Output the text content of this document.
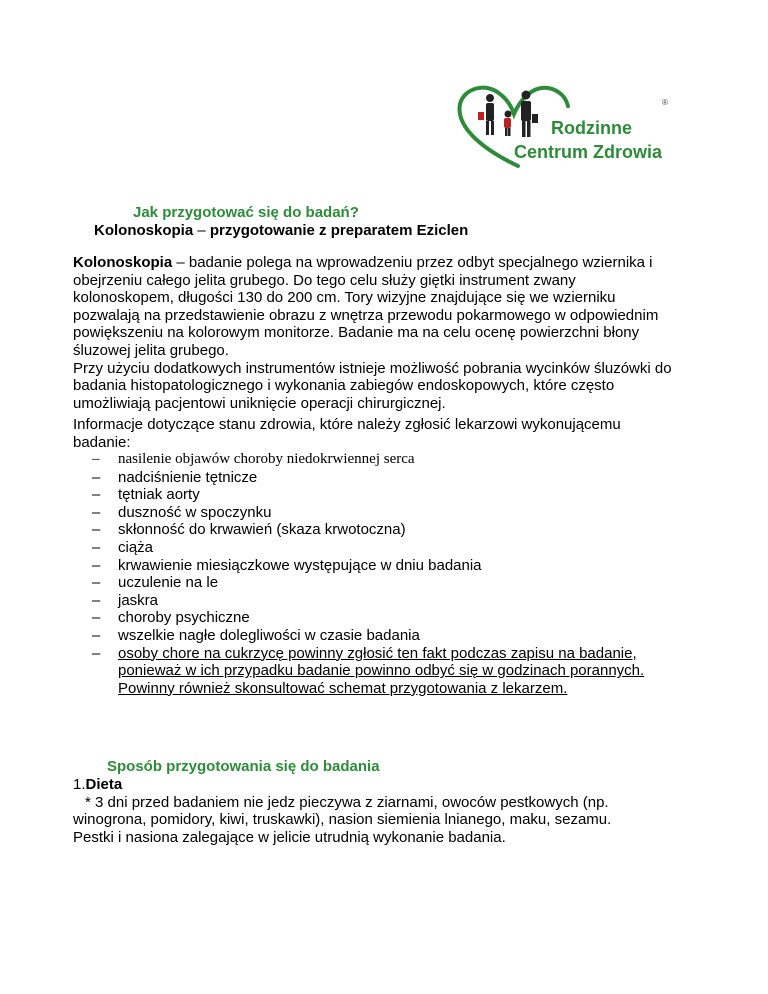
Rodzinne
Centrum Zdrowia
®
Jak przygotować się do badań?
Kolonoskopia – przygotowanie z preparatem Eziclen
Kolonoskopia – badanie polega na wprowadzeniu przez odbyt specjalnego wziernika i
obejrzeniu całego jelita grubego. Do tego celu służy giętki instrument zwany
kolonoskopem, długości 130 do 200 cm. Tory wizyjne znajdujące się we wzierniku
pozwalają na przedstawienie obrazu z wnętrza przewodu pokarmowego w odpowiednim
powiększeniu na kolorowym monitorze. Badanie ma na celu ocenę powierzchni błony
śluzowej jelita grubego.
Przy użyciu dodatkowych instrumentów istnieje możliwość pobrania wycinków śluzówki do
badania histopatologicznego i wykonania zabiegów endoskopowych, które często
umożliwiają pacjentowi uniknięcie operacji chirurgicznej.
Informacje dotyczące stanu zdrowia, które należy zgłosić lekarzowi wykonującemu
badanie:
– nasilenie objawów choroby niedokrwiennej serca
– nadciśnienie tętnicze
– tętniak aorty
– duszność w spoczynku
– skłonność do krwawień (skaza krwotoczna)
– ciąża
– krwawienie miesiączkowe występujące w dniu badania
– uczulenie na le
– jaskra
– choroby psychiczne
– wszelkie nagłe dolegliwości w czasie badania
– osoby chore na cukrzycę powinny zgłosić ten fakt podczas zapisu na badanie,
ponieważ w ich przypadku badanie powinno odbyć się w godzinach porannych.
Powinny również skonsultować schemat przygotowania z lekarzem.
Sposób przygotowania się do badania
1.Dieta
* 3 dni przed badaniem nie jedz pieczywa z ziarnami, owoców pestkowych (np.
winogrona, pomidory, kiwi, truskawki), nasion siemienia lnianego, maku, sezamu.
Pestki i nasiona zalegające w jelicie utrudnią wykonanie badania.
